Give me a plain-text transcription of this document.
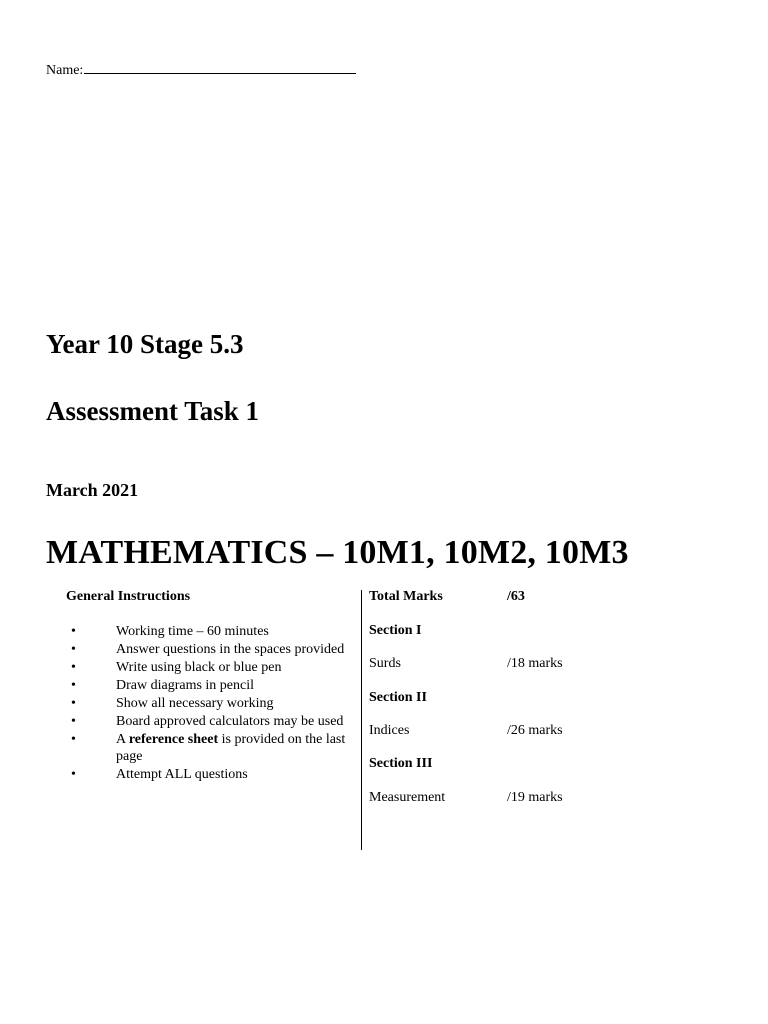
Name:
Year 10 Stage 5.3
Assessment Task 1
March 2021
MATHEMATICS – 10M1, 10M2, 10M3
General Instructions
•	Working time – 60 minutes
•	Answer questions in the spaces provided
•	Write using black or blue pen
•	Draw diagrams in pencil
•	Show all necessary working
•	Board approved calculators may be used
•	A reference sheet is provided on the last page
•	Attempt ALL questions
Total Marks	/63
Section I
Surds	/18 marks
Section II
Indices	/26 marks
Section III
Measurement	/19 marks
